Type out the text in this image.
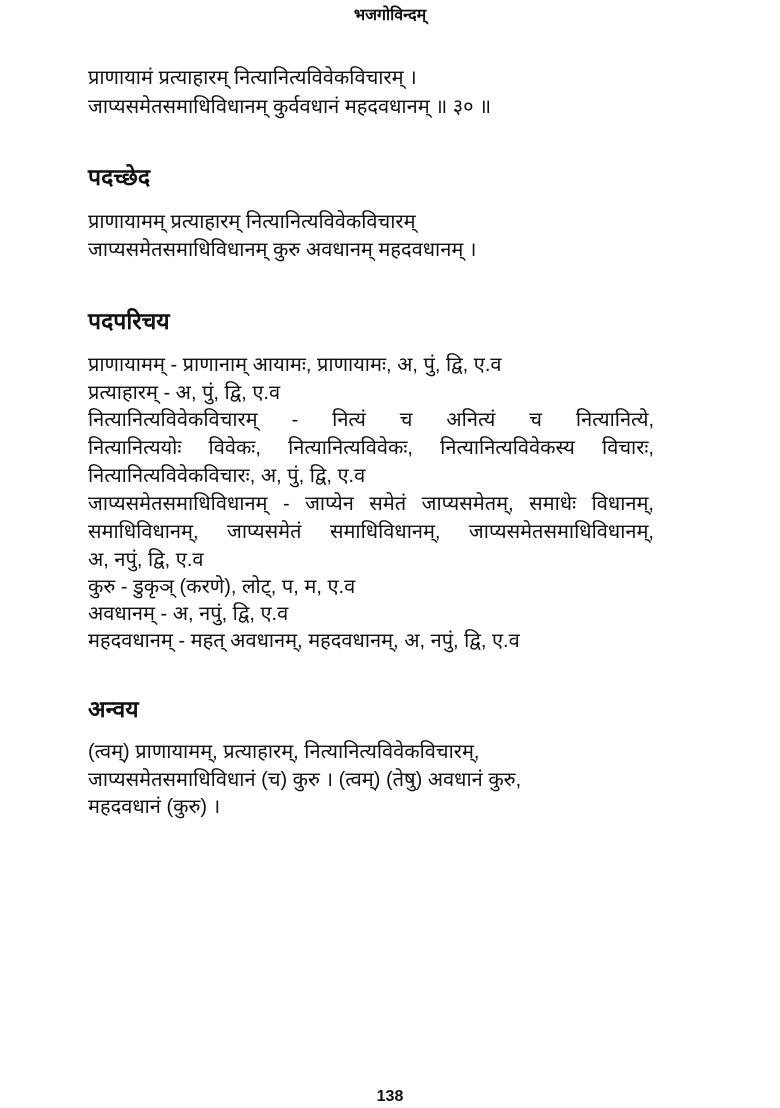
भजगोविन्दम्
प्राणायामं प्रत्याहारम् नित्यानित्यविवेकविचारम् ।
जाप्यसमेतसमाधिविधानम् कुर्ववधानं महदवधानम् ॥ ३० ॥
पदच्छेद
प्राणायामम् प्रत्याहारम् नित्यानित्यविवेकविचारम्
जाप्यसमेतसमाधिविधानम् कुरु अवधानम् महदवधानम् ।
पदपरिचय
प्राणायामम् - प्राणानाम् आयामः, प्राणायामः, अ, पुं, द्वि, ए.व
प्रत्याहारम् - अ, पुं, द्वि, ए.व
नित्यानित्यविवेकविचारम् - नित्यं च अनित्यं च नित्यानित्ये,
नित्यानित्ययोः विवेकः, नित्यानित्यविवेकः, नित्यानित्यविवेकस्य विचारः,
नित्यानित्यविवेकविचारः, अ, पुं, द्वि, ए.व
जाप्यसमेतसमाधिविधानम् - जाप्येन समेतं जाप्यसमेतम्, समाधेः विधानम्,
समाधिविधानम्, जाप्यसमेतं समाधिविधानम्, जाप्यसमेतसमाधिविधानम्,
अ, नपुं, द्वि, ए.व
कुरु - डुकृञ् (करणे), लोट्, प, म, ए.व
अवधानम् - अ, नपुं, द्वि, ए.व
महदवधानम् - महत् अवधानम्, महदवधानम्, अ, नपुं, द्वि, ए.व
अन्वय
(त्वम्) प्राणायामम्, प्रत्याहारम्, नित्यानित्यविवेकविचारम्,
जाप्यसमेतसमाधिविधानं (च) कुरु । (त्वम्) (तेषु) अवधानं कुरु,
महदवधानं (कुरु) ।
138
